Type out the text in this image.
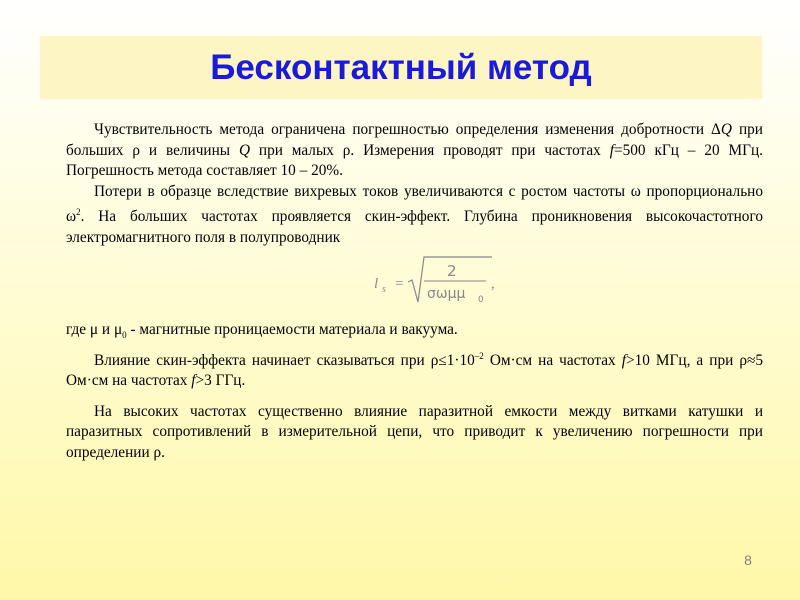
Бесконтактный метод

Чувствительность метода ограничена погрешностью определения изменения добротности ΔQ при больших ρ и величины Q при малых ρ. Измерения проводят при частотах f=500 кГц – 20 МГц. Погрешность метода составляет 10 – 20%.

Потери в образце вследствие вихревых токов увеличиваются с ростом частоты ω пропорционально $\omega^2$. На больших частотах проявляется скин-эффект. Глубина проникновения высокочастотного электромагнитного поля в полупроводник

l s =
2
σωμμ 0
,

где μ и $\mu_0$ - магнитные проницаемости материала и вакуума.

Влияние скин-эффекта начинает сказываться при $\rho\le 1\cdot 10^{-2}$ Ом·см на частотах f>10 МГц, а при ρ≈5 Ом·см на частотах f>3 ГГц.

На высоких частотах существенно влияние паразитной емкости между витками катушки и паразитных сопротивлений в измерительной цепи, что приводит к увеличению погрешности при определении ρ.

8
